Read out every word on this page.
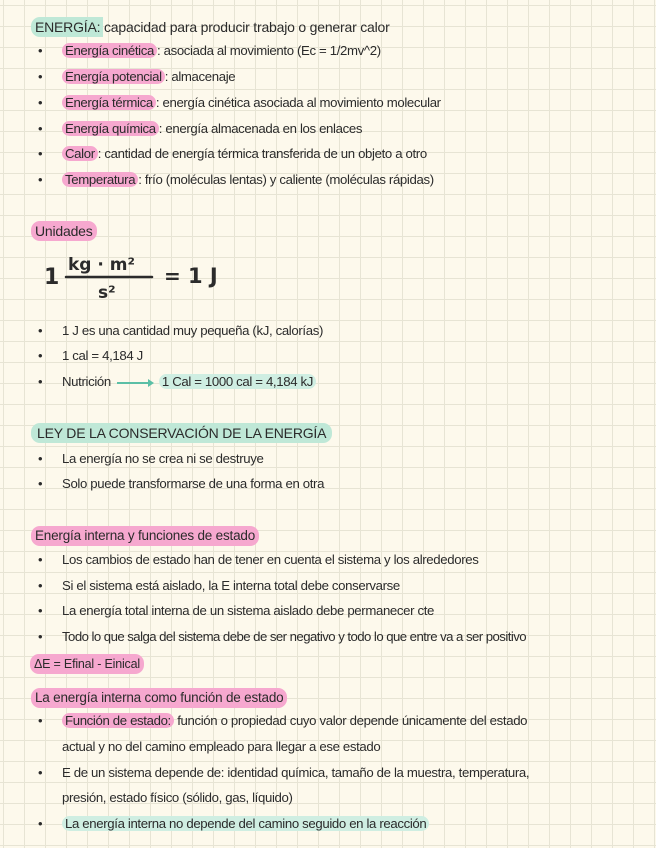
ENERGÍA: capacidad para producir trabajo o generar calor
• Energía cinética : asociada al movimiento (Ec = 1/2mv^2)
• Energía potencial : almacenaje
• Energía térmica : energía cinética asociada al movimiento molecular
• Energía química : energía almacenada en los enlaces
• Calor : cantidad de energía térmica transferida de un objeto a otro
• Temperatura : frío (moléculas lentas) y caliente (moléculas rápidas)
Unidades
1 kg · m²
s²
= 1 J
• 1 J es una cantidad muy pequeña (kJ, calorías)
• 1 cal = 4,184 J
• Nutrición	1 Cal = 1000 cal = 4,184 kJ
LEY DE LA CONSERVACIÓN DE LA ENERGÍA
• La energía no se crea ni se destruye
• Solo puede transformarse de una forma en otra
Energía interna y funciones de estado
• Los cambios de estado han de tener en cuenta el sistema y los alrededores
• Si el sistema está aislado, la E interna total debe conservarse
• La energía total interna de un sistema aislado debe permanecer cte
• Todo lo que salga del sistema debe de ser negativo y todo lo que entre va a ser positivo
ΔE = Efinal - Einical
La energía interna como función de estado
• Función de estado: función o propiedad cuyo valor depende únicamente del estado
actual y no del camino empleado para llegar a ese estado
• E de un sistema depende de: identidad química, tamaño de la muestra, temperatura,
presión, estado físico (sólido, gas, líquido)
• La energía interna no depende del camino seguido en la reacción
